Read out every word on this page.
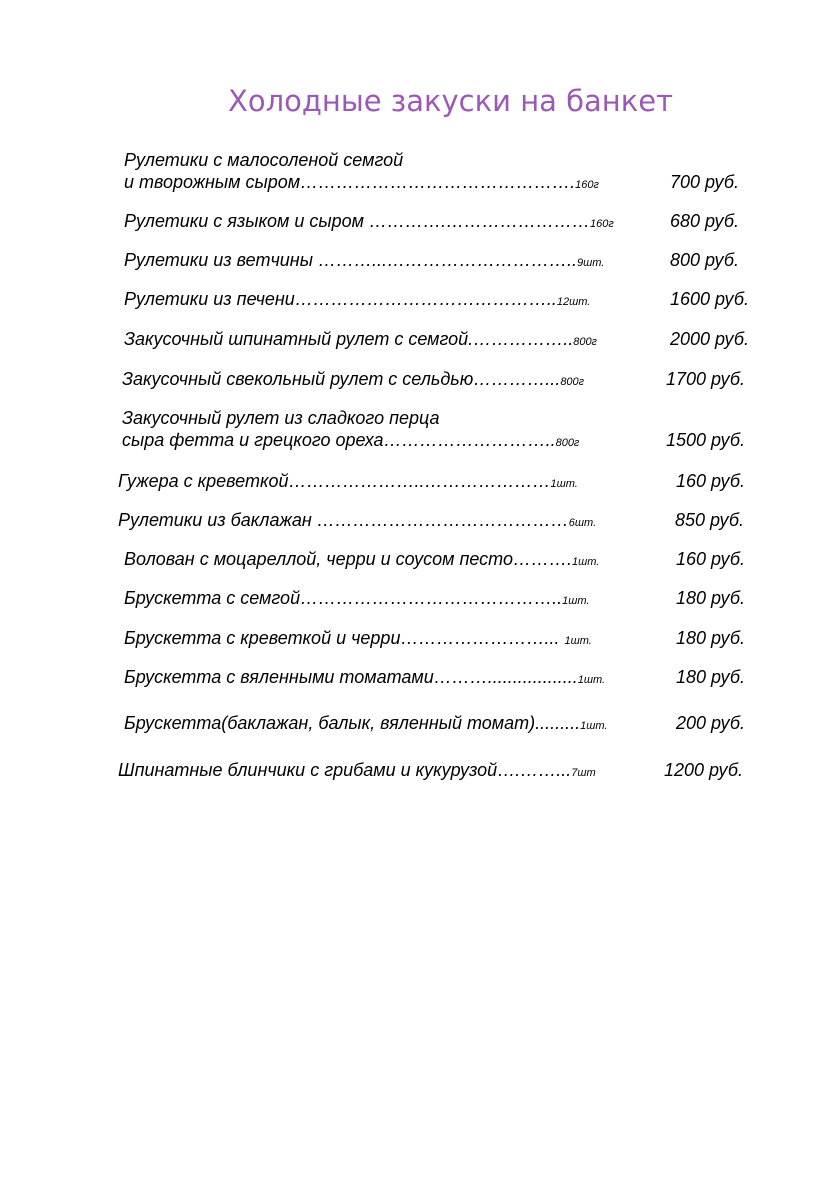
Холодные закуски на банкет
Рулетики с малосоленой семгой
и творожным сыром……………………………………….160г	700 руб.
Рулетики с языком и сыром ………….……………………160г	680 руб.
Рулетики из ветчины ………...…………………………..9шт.	800 руб.
Рулетики из печени……………………………………..12шт.	1600 руб.
Закусочный шпинатный рулет с семгой.……………..800г	2000 руб.
Закусочный свекольный рулет с сельдью…………...800г	1700 руб.
Закусочный рулет из сладкого перца
сыра фетта и грецкого ореха………………………..800г	1500 руб.
Гужера с креветкой…………………..…………………1шт.	160 руб.
Рулетики из баклажан ……………………………………6шт.	850 руб.
Волован с моцареллой, черри и соусом песто……….1шт.	160 руб.
Брускетта с семгой……………………………………..1шт.	180 руб.
Брускетта с креветкой и черри……………………... 1шт.	180 руб.
Брускетта с вяленными томатами………..................1шт.	180 руб.
Брускетта(баклажан, балык, вяленный томат).........1шт.	200 руб.
Шпинатные блинчики с грибами и кукурузой….……...7шт	1200 руб.
